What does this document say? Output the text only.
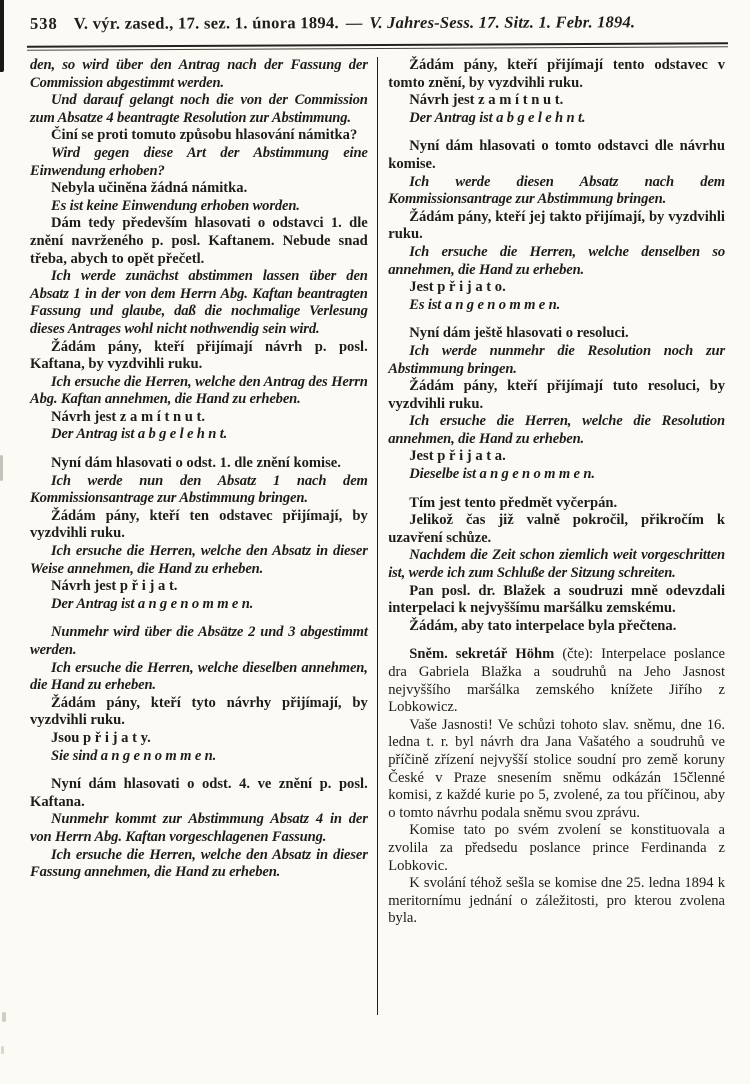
538 V. výr. zased., 17. sez. 1. února 1894. — V. Jahres-Sess. 17. Sitz. 1. Febr. 1894.

den, so wird über den Antrag nach der Fassung der Commission abgestimmt werden.

Und darauf gelangt noch die von der Commission zum Absatze 4 beantragte Resolution zur Abstimmung.

Činí se proti tomuto způsobu hlasování námitka?

Wird gegen diese Art der Abstimmung eine Einwendung erhoben?

Nebyla učiněna žádná námitka.

Es ist keine Einwendung erhoben worden.

Dám tedy především hlasovati o odstavci 1. dle znění navrženého p. posl. Kaftanem. Nebude snad třeba, abych to opět přečetl.

Ich werde zunächst abstimmen lassen über den Absatz 1 in der von dem Herrn Abg. Kaftan beantragten Fassung und glaube, daß die nochmalige Verlesung dieses Antrages wohl nicht nothwendig sein wird.

Žádám pány, kteří přijímají návrh p. posl. Kaftana, by vyzdvihli ruku.

Ich ersuche die Herren, welche den Antrag des Herrn Abg. Kaftan annehmen, die Hand zu erheben.

Návrh jest z a m í t n u t.

Der Antrag ist a b g e l e h n t.

Nyní dám hlasovati o odst. 1. dle znění komise.

Ich werde nun den Absatz 1 nach dem Kommissionsantrage zur Abstimmung bringen.

Žádám pány, kteří ten odstavec přijímají, by vyzdvihli ruku.

Ich ersuche die Herren, welche den Absatz in dieser Weise annehmen, die Hand zu erheben.

Návrh jest p ř i j a t.

Der Antrag ist a n g e n o m m e n.

Nunmehr wird über die Absätze 2 und 3 abgestimmt werden.

Ich ersuche die Herren, welche dieselben annehmen, die Hand zu erheben.

Žádám pány, kteří tyto návrhy přijímají, by vyzdvihli ruku.

Jsou p ř i j a t y.

Sie sind a n g e n o m m e n.

Nyní dám hlasovati o odst. 4. ve znění p. posl. Kaftana.

Nunmehr kommt zur Abstimmung Absatz 4 in der von Herrn Abg. Kaftan vorgeschlagenen Fassung.

Ich ersuche die Herren, welche den Absatz in dieser Fassung annehmen, die Hand zu erheben.

Žádám pány, kteří přijímají tento odstavec v tomto znění, by vyzdvihli ruku.

Návrh jest z a m í t n u t.

Der Antrag ist a b g e l e h n t.

Nyní dám hlasovati o tomto odstavci dle návrhu komise.

Ich werde diesen Absatz nach dem Kommissionsantrage zur Abstimmung bringen.

Žádám pány, kteří jej takto přijímají, by vyzdvihli ruku.

Ich ersuche die Herren, welche denselben so annehmen, die Hand zu erheben.

Jest p ř i j a t o.

Es ist a n g e n o m m e n.

Nyní dám ještě hlasovati o resoluci.

Ich werde nunmehr die Resolution noch zur Abstimmung bringen.

Žádám pány, kteří přijímají tuto resoluci, by vyzdvihli ruku.

Ich ersuche die Herren, welche die Resolution annehmen, die Hand zu erheben.

Jest p ř i j a t a.

Dieselbe ist a n g e n o m m e n.

Tím jest tento předmět vyčerpán.

Jelikož čas již valně pokročil, přikročím k uzavření schůze.

Nachdem die Zeit schon ziemlich weit vorgeschritten ist, werde ich zum Schluße der Sitzung schreiten.

Pan posl. dr. Blažek a soudruzi mně odevzdali interpelaci k nejvyššímu maršálku zemskému.

Žádám, aby tato interpelace byla přečtena.

Sněm. sekretář Höhm (čte): Interpelace poslance dra Gabriela Blažka a soudruhů na Jeho Jasnost nejvyššího maršálka zemského knížete Jiřího z Lobkowicz.

Vaše Jasnosti! Ve schůzi tohoto slav. sněmu, dne 16. ledna t. r. byl návrh dra Jana Vašatého a soudruhů ve příčině zřízení nejvyšší stolice soudní pro země koruny České v Praze snesením sněmu odkázán 15členné komisi, z každé kurie po 5, zvolené, za tou příčinou, aby o tomto návrhu podala sněmu svou zprávu.

Komise tato po svém zvolení se konstituovala a zvolila za předsedu poslance prince Ferdinanda z Lobkovic.

K svolání téhož sešla se komise dne 25. ledna 1894 k meritornímu jednání o záležitosti, pro kterou zvolena byla.
